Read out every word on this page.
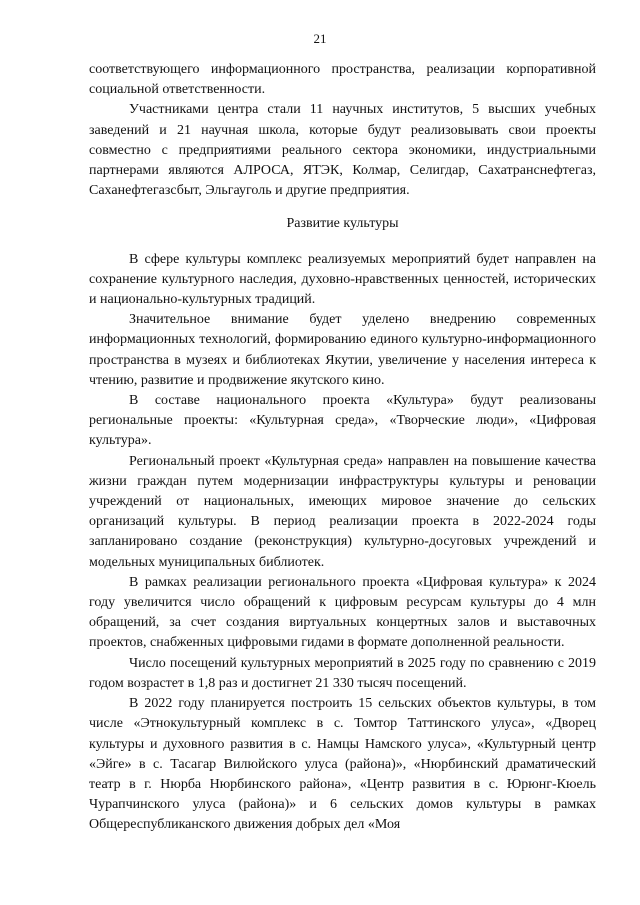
21

соответствующего информационного пространства, реализации корпоративной социальной ответственности.

Участниками центра стали 11 научных институтов, 5 высших учебных заведений и 21 научная школа, которые будут реализовывать свои проекты совместно с предприятиями реального сектора экономики, индустриальными партнерами являются АЛРОСА, ЯТЭК, Колмар, Селигдар, Сахатранснефтегаз, Саханефтегазсбыт, Эльгауголь и другие предприятия.

Развитие культуры

В сфере культуры комплекс реализуемых мероприятий будет направлен на сохранение культурного наследия, духовно-нравственных ценностей, исторических и национально-культурных традиций.

Значительное внимание будет уделено внедрению современных информационных технологий, формированию единого культурно-информационного пространства в музеях и библиотеках Якутии, увеличение у населения интереса к чтению, развитие и продвижение якутского кино.

В составе национального проекта «Культура» будут реализованы региональные проекты: «Культурная среда», «Творческие люди», «Цифровая культура».

Региональный проект «Культурная среда» направлен на повышение качества жизни граждан путем модернизации инфраструктуры культуры и реновации учреждений от национальных, имеющих мировое значение до сельских организаций культуры. В период реализации проекта в 2022-2024 годы запланировано создание (реконструкция) культурно-досуговых учреждений и модельных муниципальных библиотек.

В рамках реализации регионального проекта «Цифровая культура» к 2024 году увеличится число обращений к цифровым ресурсам культуры до 4 млн обращений, за счет создания виртуальных концертных залов и выставочных проектов, снабженных цифровыми гидами в формате дополненной реальности.

Число посещений культурных мероприятий в 2025 году по сравнению с 2019 годом возрастет в 1,8 раз и достигнет 21 330 тысяч посещений.

В 2022 году планируется построить 15 сельских объектов культуры, в том числе «Этнокультурный комплекс в с. Томтор Таттинского улуса», «Дворец культуры и духовного развития в с. Намцы Намского улуса», «Культурный центр «Эйге» в с. Тасагар Вилюйского улуса (района)», «Нюрбинский драматический театр в г. Нюрба Нюрбинского района», «Центр развития в с. Юрюнг-Кюель Чурапчинского улуса (района)» и 6 сельских домов культуры в рамках Общереспубликанского движения добрых дел «Моя
